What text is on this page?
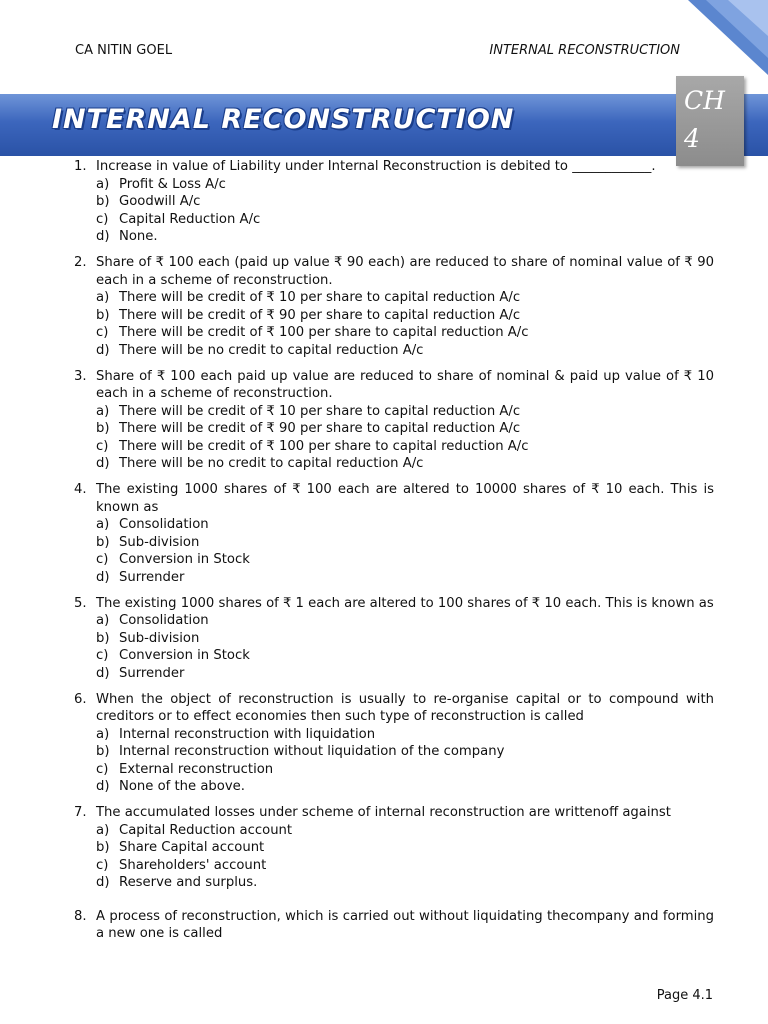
CA NITIN GOEL	INTERNAL RECONSTRUCTION
INTERNAL RECONSTRUCTION
CH 4
1. Increase in value of Liability under Internal Reconstruction is debited to ____________.
a) Profit & Loss A/c
b) Goodwill A/c
c) Capital Reduction A/c
d) None.
2. Share of ₹ 100 each (paid up value ₹ 90 each) are reduced to share of nominal value of ₹ 90 each in a scheme of reconstruction.
a) There will be credit of ₹ 10 per share to capital reduction A/c
b) There will be credit of ₹ 90 per share to capital reduction A/c
c) There will be credit of ₹ 100 per share to capital reduction A/c
d) There will be no credit to capital reduction A/c
3. Share of ₹ 100 each paid up value are reduced to share of nominal & paid up value of ₹ 10 each in a scheme of reconstruction.
a) There will be credit of ₹ 10 per share to capital reduction A/c
b) There will be credit of ₹ 90 per share to capital reduction A/c
c) There will be credit of ₹ 100 per share to capital reduction A/c
d) There will be no credit to capital reduction A/c
4. The existing 1000 shares of ₹ 100 each are altered to 10000 shares of ₹ 10 each. This is known as
a) Consolidation
b) Sub-division
c) Conversion in Stock
d) Surrender
5. The existing 1000 shares of ₹ 1 each are altered to 100 shares of ₹ 10 each. This is known as
a) Consolidation
b) Sub-division
c) Conversion in Stock
d) Surrender
6. When the object of reconstruction is usually to re-organise capital or to compound with creditors or to effect economies then such type of reconstruction is called
a) Internal reconstruction with liquidation
b) Internal reconstruction without liquidation of the company
c) External reconstruction
d) None of the above.
7. The accumulated losses under scheme of internal reconstruction are writtenoff against
a) Capital Reduction account
b) Share Capital account
c) Shareholders' account
d) Reserve and surplus.
8. A process of reconstruction, which is carried out without liquidating thecompany and forming a new one is called
Page 4.1
